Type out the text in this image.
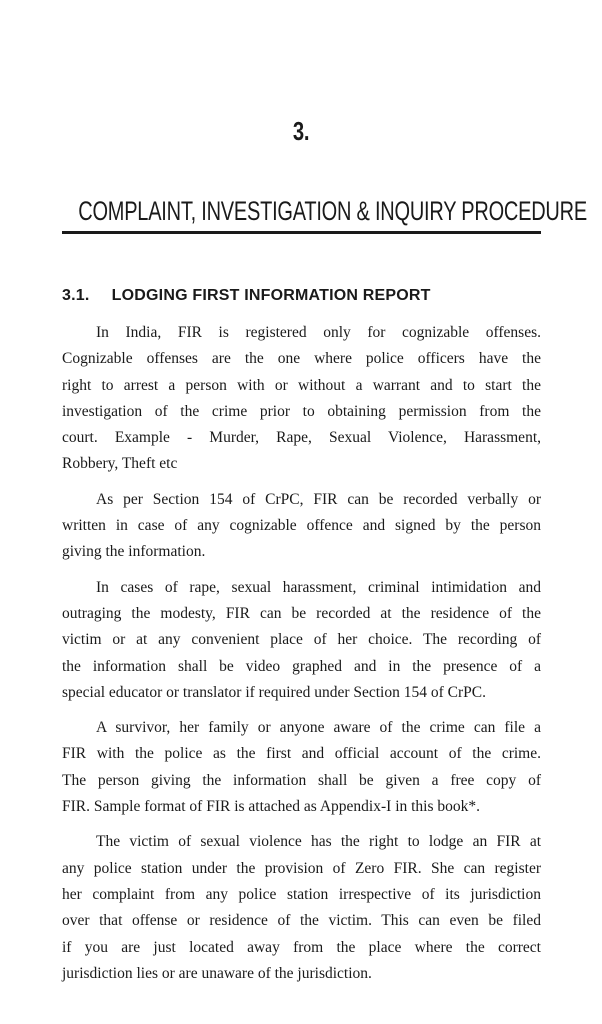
3.
COMPLAINT, INVESTIGATION & INQUIRY PROCEDURE
3.1. LODGING FIRST INFORMATION REPORT
In India, FIR is registered only for cognizable offenses.
Cognizable offenses are the one where police officers have the
right to arrest a person with or without a warrant and to start the
investigation of the crime prior to obtaining permission from the
court. Example - Murder, Rape, Sexual Violence, Harassment,
Robbery, Theft etc
As per Section 154 of CrPC, FIR can be recorded verbally or
written in case of any cognizable offence and signed by the person
giving the information.
In cases of rape, sexual harassment, criminal intimidation and
outraging the modesty, FIR can be recorded at the residence of the
victim or at any convenient place of her choice. The recording of
the information shall be video graphed and in the presence of a
special educator or translator if required under Section 154 of CrPC.
A survivor, her family or anyone aware of the crime can file a
FIR with the police as the first and official account of the crime.
The person giving the information shall be given a free copy of
FIR. Sample format of FIR is attached as Appendix-I in this book*.
The victim of sexual violence has the right to lodge an FIR at
any police station under the provision of Zero FIR. She can register
her complaint from any police station irrespective of its jurisdiction
over that offense or residence of the victim. This can even be filed
if you are just located away from the place where the correct
jurisdiction lies or are unaware of the jurisdiction.
